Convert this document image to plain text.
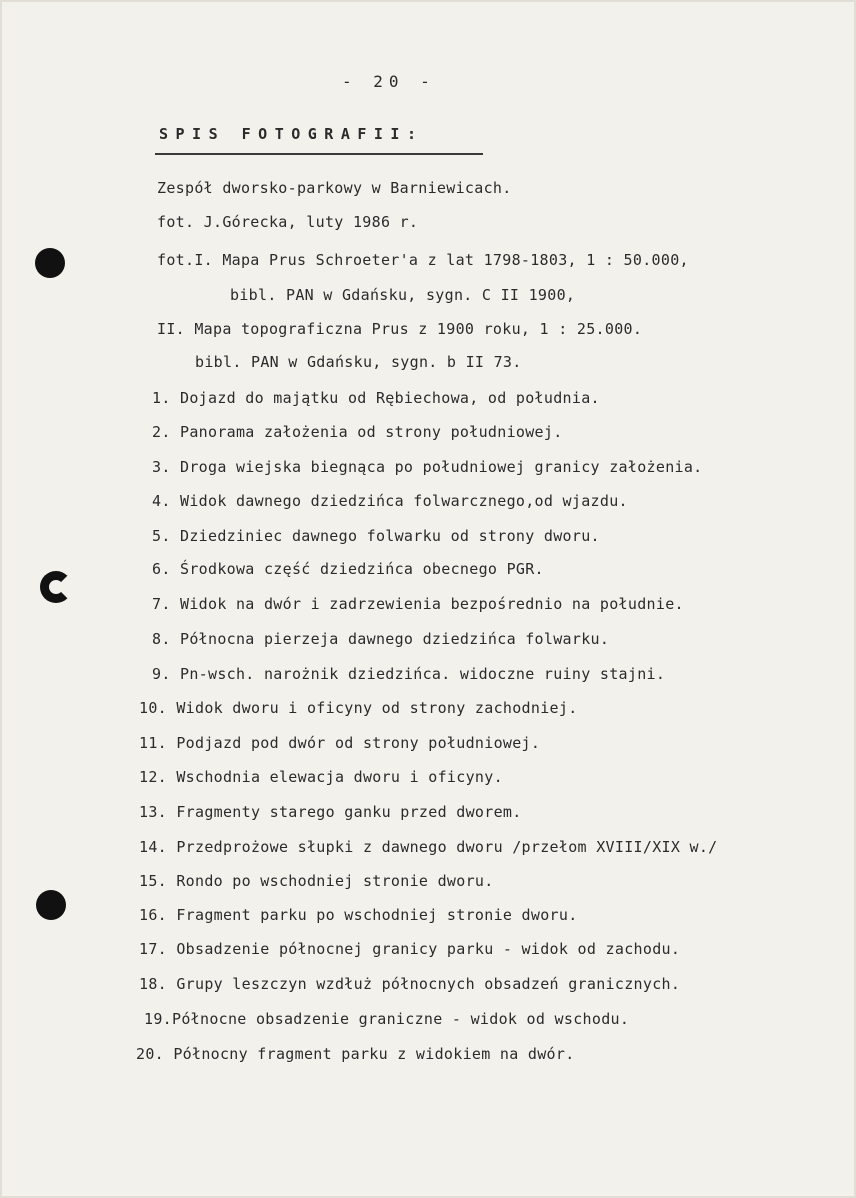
- 20 -
SPIS FOTOGRAFII:
Zespół dworsko-parkowy w Barniewicach.
fot. J.Górecka, luty 1986 r.
fot.I. Mapa Prus Schroeter'a z lat 1798-1803, 1 : 50.000,
bibl. PAN w Gdańsku, sygn. C II 1900,
II. Mapa topograficzna Prus z 1900 roku, 1 : 25.000.
bibl. PAN w Gdańsku, sygn. b II 73.
1. Dojazd do majątku od Rębiechowa, od południa.
2. Panorama założenia od strony południowej.
3. Droga wiejska biegnąca po południowej granicy założenia.
4. Widok dawnego dziedzińca folwarcznego,od wjazdu.
5. Dziedziniec dawnego folwarku od strony dworu.
6. Środkowa część dziedzińca obecnego PGR.
7. Widok na dwór i zadrzewienia bezpośrednio na południe.
8. Północna pierzeja dawnego dziedzińca folwarku.
9. Pn-wsch. narożnik dziedzińca. widoczne ruiny stajni.
10. Widok dworu i oficyny od strony zachodniej.
11. Podjazd pod dwór od strony południowej.
12. Wschodnia elewacja dworu i oficyny.
13. Fragmenty starego ganku przed dworem.
14. Przedprożowe słupki z dawnego dworu /przełom XVIII/XIX w./
15. Rondo po wschodniej stronie dworu.
16. Fragment parku po wschodniej stronie dworu.
17. Obsadzenie północnej granicy parku - widok od zachodu.
18. Grupy leszczyn wzdłuż północnych obsadzeń granicznych.
19.Północne obsadzenie graniczne - widok od wschodu.
20. Północny fragment parku z widokiem na dwór.
